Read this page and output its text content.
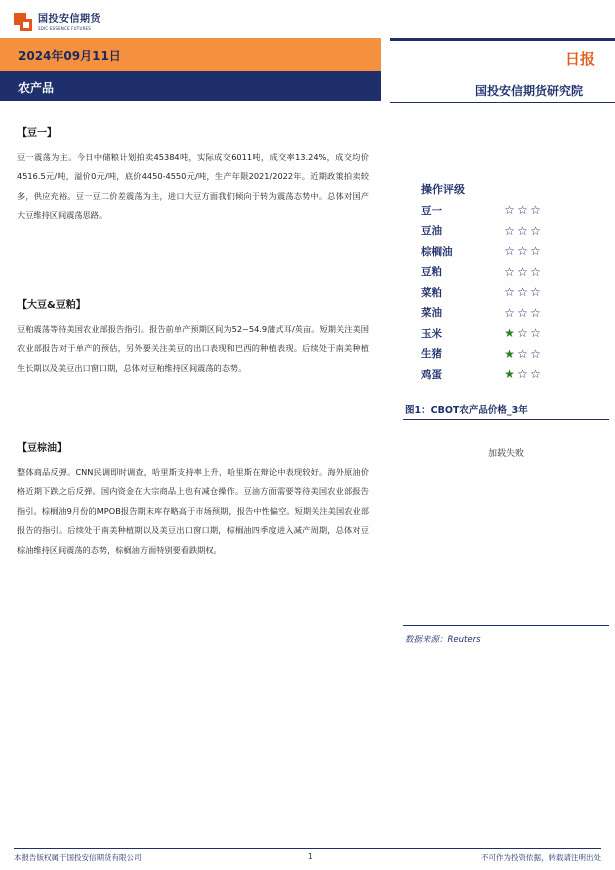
国投安信期货
SDIC ESSENCE FUTURES
2024年09月11日	日报
农产品	国投安信期货研究院
【豆一】
豆一震荡为主。今日中储粮计划拍卖45384吨，实际成交6011吨，成交率13.24%，成交均价4516.5元/吨，溢价0元/吨，底价4450-4550元/吨，生产年限2021/2022年。近期政策拍卖较多，供应充裕。豆一豆二价差震荡为主，进口大豆方面我们倾向于转为震荡态势中。总体对国产大豆维持区间震荡思路。
【大豆&豆粕】
豆粕震荡等待美国农业部报告指引。报告前单产预期区间为52~54.9蒲式耳/英亩。短期关注美国农业部报告对于单产的预估，另外要关注美豆的出口表现和巴西的种植表现。后续处于南美种植生长期以及美豆出口窗口期，总体对豆粕维持区间震荡的态势。
【豆棕油】
整体商品反弹。CNN民调即时调查，哈里斯支持率上升，哈里斯在辩论中表现较好。海外原油价格近期下跌之后反弹。国内资金在大宗商品上也有减仓操作。豆油方面需要等待美国农业部报告指引。棕榈油9月份的MPOB报告期末库存略高于市场预期，报告中性偏空。短期关注美国农业部报告的指引。后续处于南美种植期以及美豆出口窗口期，棕榈油四季度进入减产周期，总体对豆棕油维持区间震荡的态势，棕榈油方面特别要看跌期权。
操作评级
豆一	☆ ☆ ☆
豆油	☆ ☆ ☆
棕榈油	☆ ☆ ☆
豆粕	☆ ☆ ☆
菜粕	☆ ☆ ☆
菜油	☆ ☆ ☆
玉米	★ ☆ ☆
生猪	★ ☆ ☆
鸡蛋	★ ☆ ☆
图1：CBOT农产品价格_3年
加载失败
数据来源：Reuters
本报告版权属于国投安信期货有限公司	1	不可作为投资依据，转载请注明出处
